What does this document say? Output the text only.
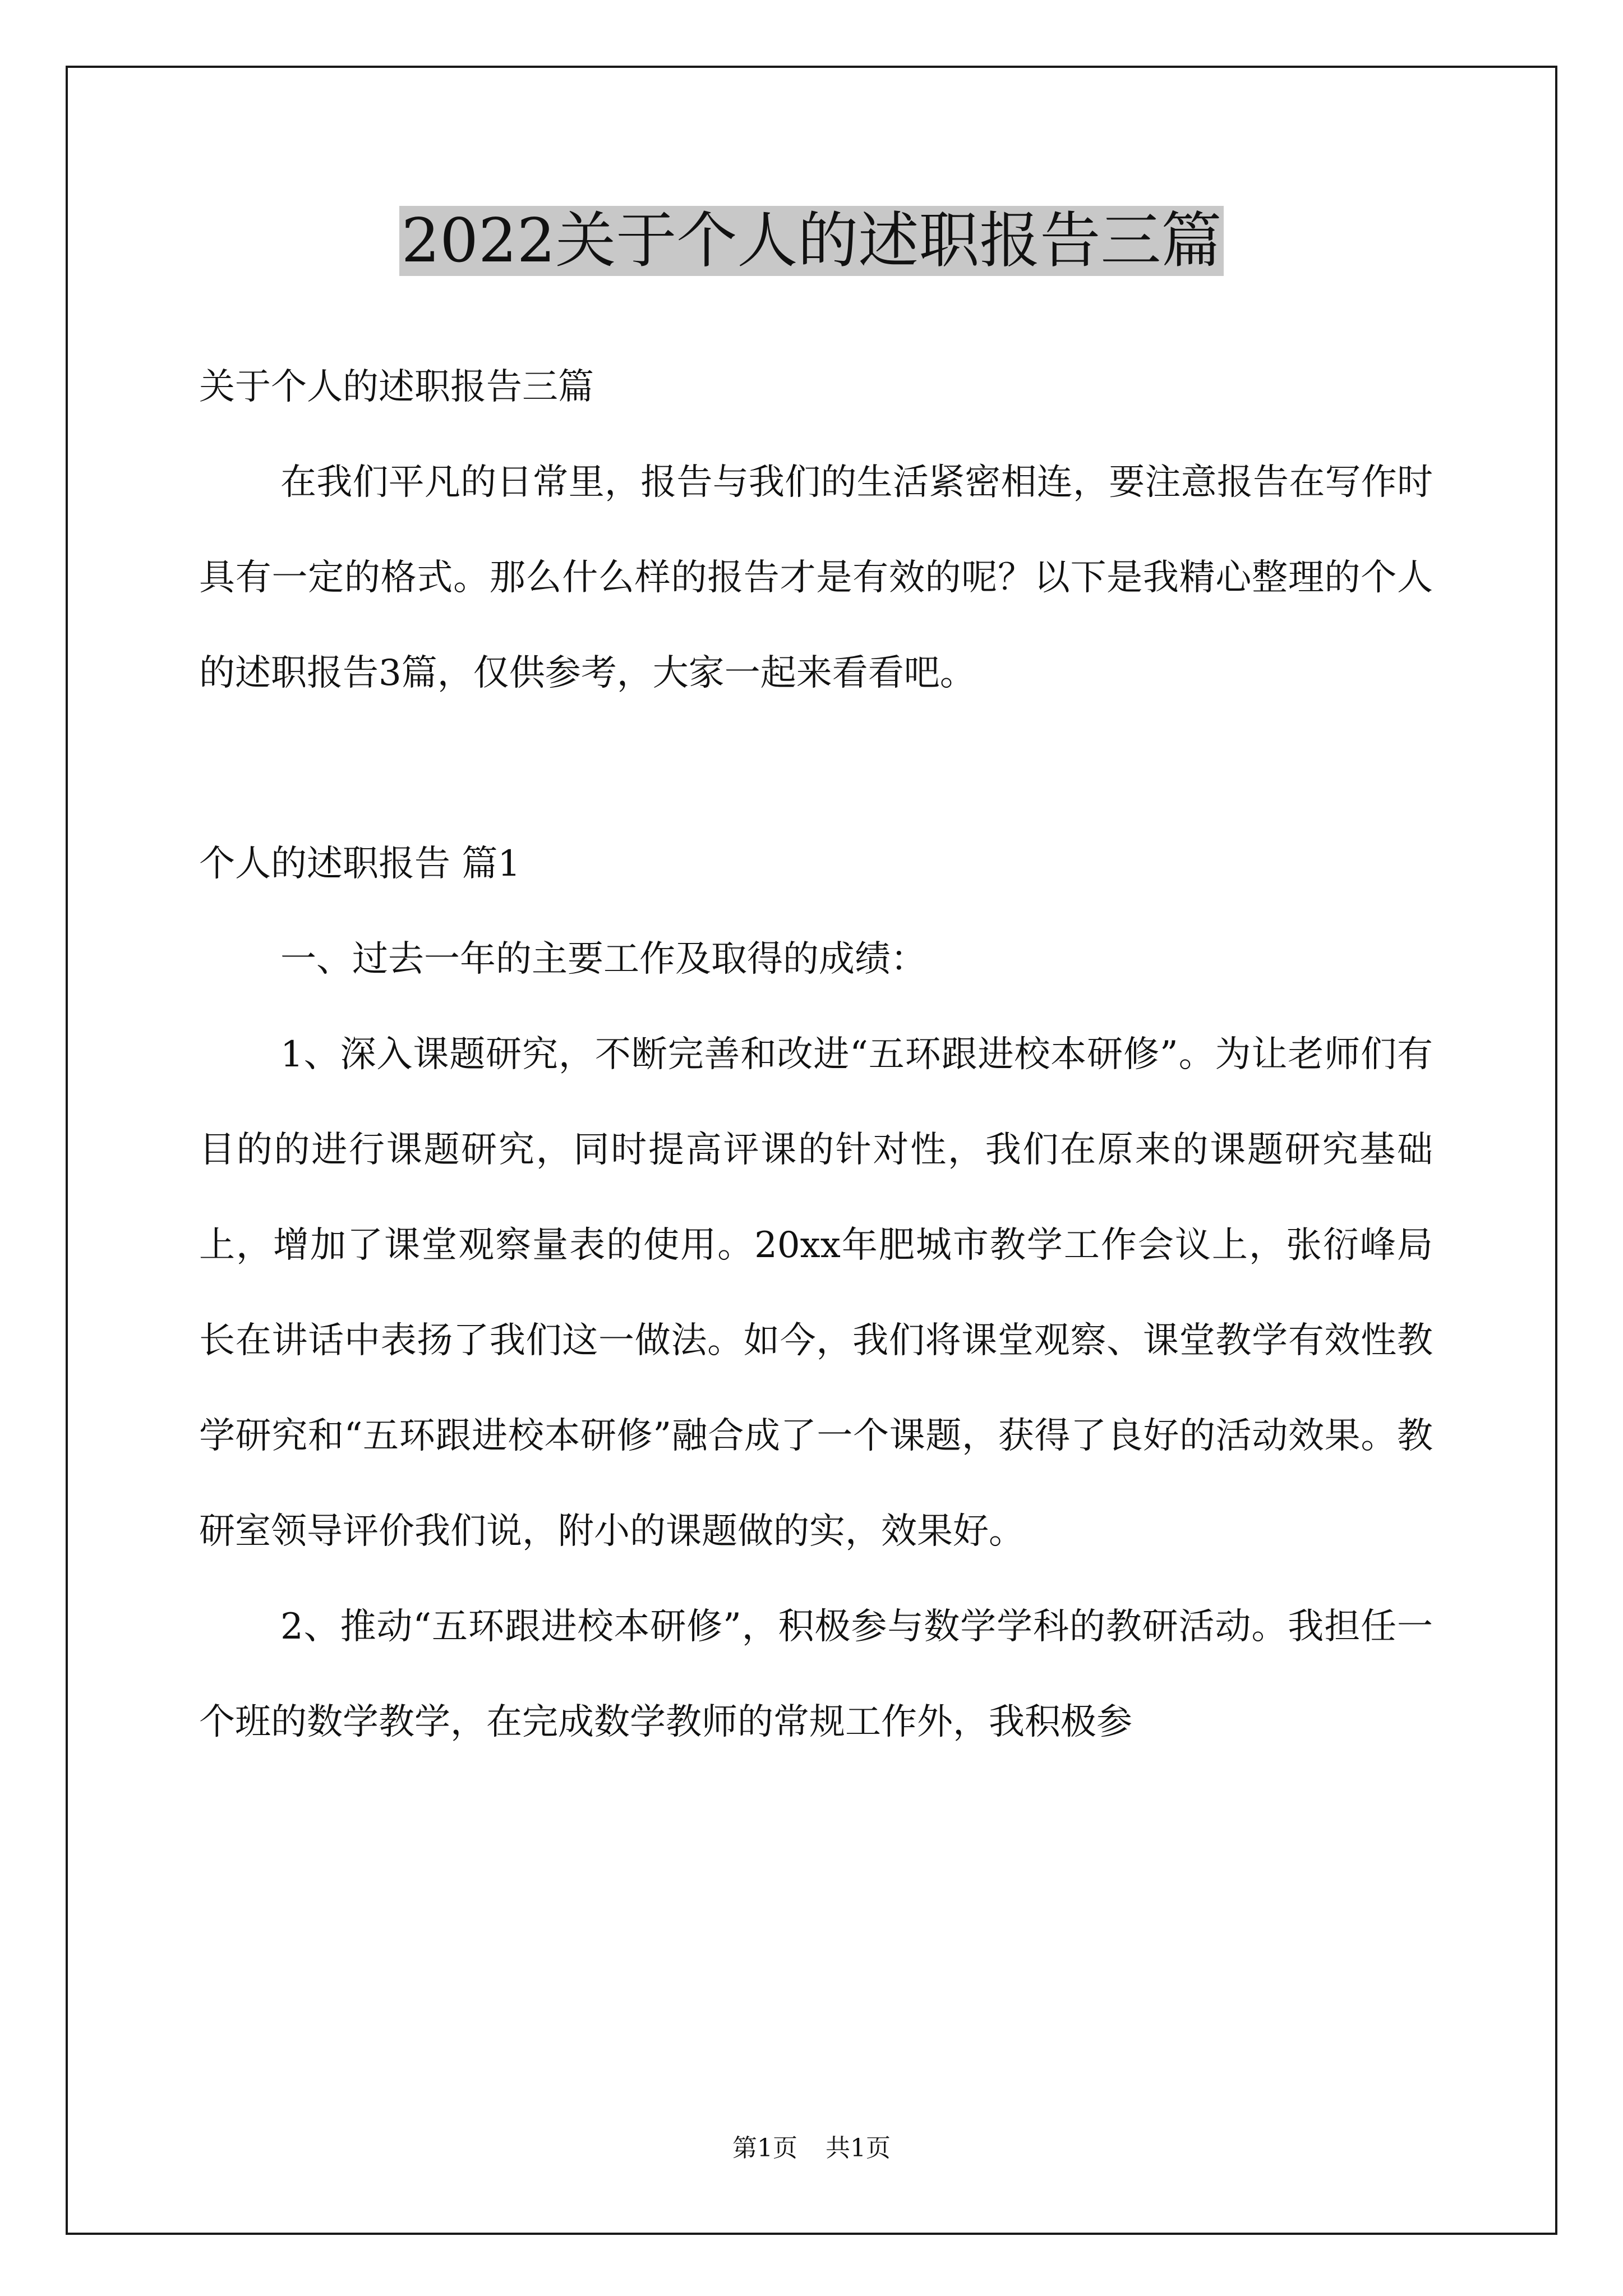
2022关于个人的述职报告三篇

关于个人的述职报告三篇

在我们平凡的日常里，报告与我们的生活紧密相连，要注意报告在写作时具有一定的格式。那么什么样的报告才是有效的呢？以下是我精心整理的个人的述职报告3篇，仅供参考，大家一起来看看吧。

个人的述职报告 篇1

一、过去一年的主要工作及取得的成绩：

1、深入课题研究，不断完善和改进“五环跟进校本研修”。为让老师们有目的的进行课题研究，同时提高评课的针对性，我们在原来的课题研究基础上，增加了课堂观察量表的使用。20xx年肥城市教学工作会议上，张衍峰局长在讲话中表扬了我们这一做法。如今，我们将课堂观察、课堂教学有效性教学研究和“五环跟进校本研修”融合成了一个课题，获得了良好的活动效果。教研室领导评价我们说，附小的课题做的实，效果好。

2、推动“五环跟进校本研修”，积极参与数学学科的教研活动。我担任一个班的数学教学，在完成数学教师的常规工作外，我积极参

第1页 共1页
